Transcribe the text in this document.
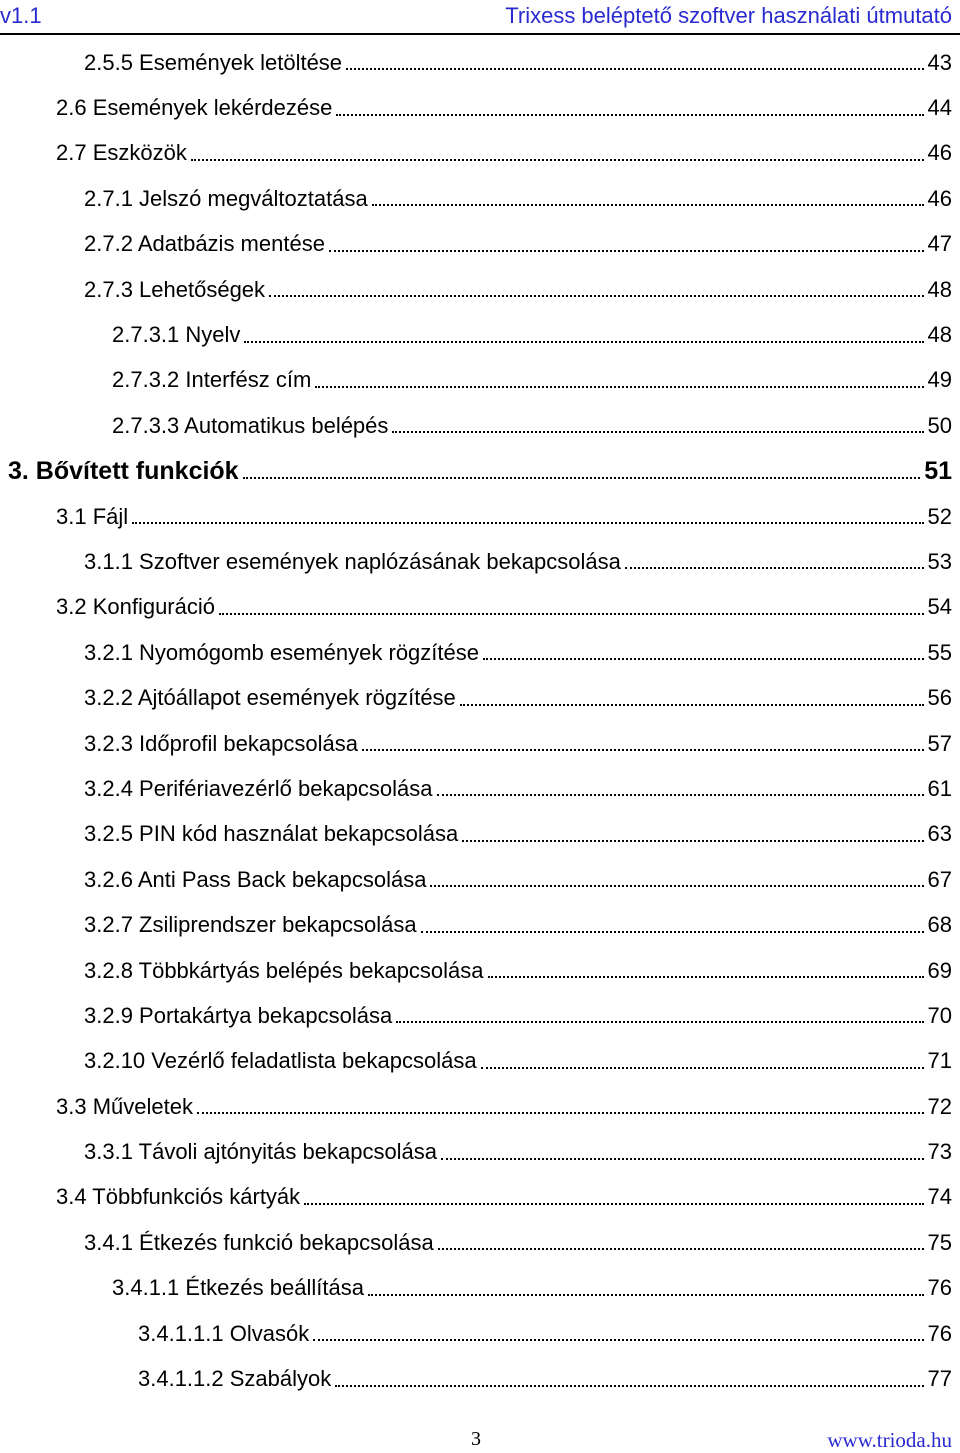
v1.1	Trixess beléptető szoftver használati útmutató
2.5.5 Események letöltése	43
2.6 Események lekérdezése	44
2.7 Eszközök	46
2.7.1 Jelszó megváltoztatása	46
2.7.2 Adatbázis mentése	47
2.7.3 Lehetőségek	48
2.7.3.1 Nyelv	48
2.7.3.2 Interfész cím	49
2.7.3.3 Automatikus belépés	50
3. Bővített funkciók	51
3.1 Fájl	52
3.1.1 Szoftver események naplózásának bekapcsolása	53
3.2 Konfiguráció	54
3.2.1 Nyomógomb események rögzítése	55
3.2.2 Ajtóállapot események rögzítése	56
3.2.3 Időprofil bekapcsolása	57
3.2.4 Perifériavezérlő bekapcsolása	61
3.2.5 PIN kód használat bekapcsolása	63
3.2.6 Anti Pass Back bekapcsolása	67
3.2.7 Zsiliprendszer bekapcsolása	68
3.2.8 Többkártyás belépés bekapcsolása	69
3.2.9 Portakártya bekapcsolása	70
3.2.10 Vezérlő feladatlista bekapcsolása	71
3.3 Műveletek	72
3.3.1 Távoli ajtónyitás bekapcsolása	73
3.4 Többfunkciós kártyák	74
3.4.1 Étkezés funkció bekapcsolása	75
3.4.1.1 Étkezés beállítása	76
3.4.1.1.1 Olvasók	76
3.4.1.1.2 Szabályok	77
3	www.trioda.hu
